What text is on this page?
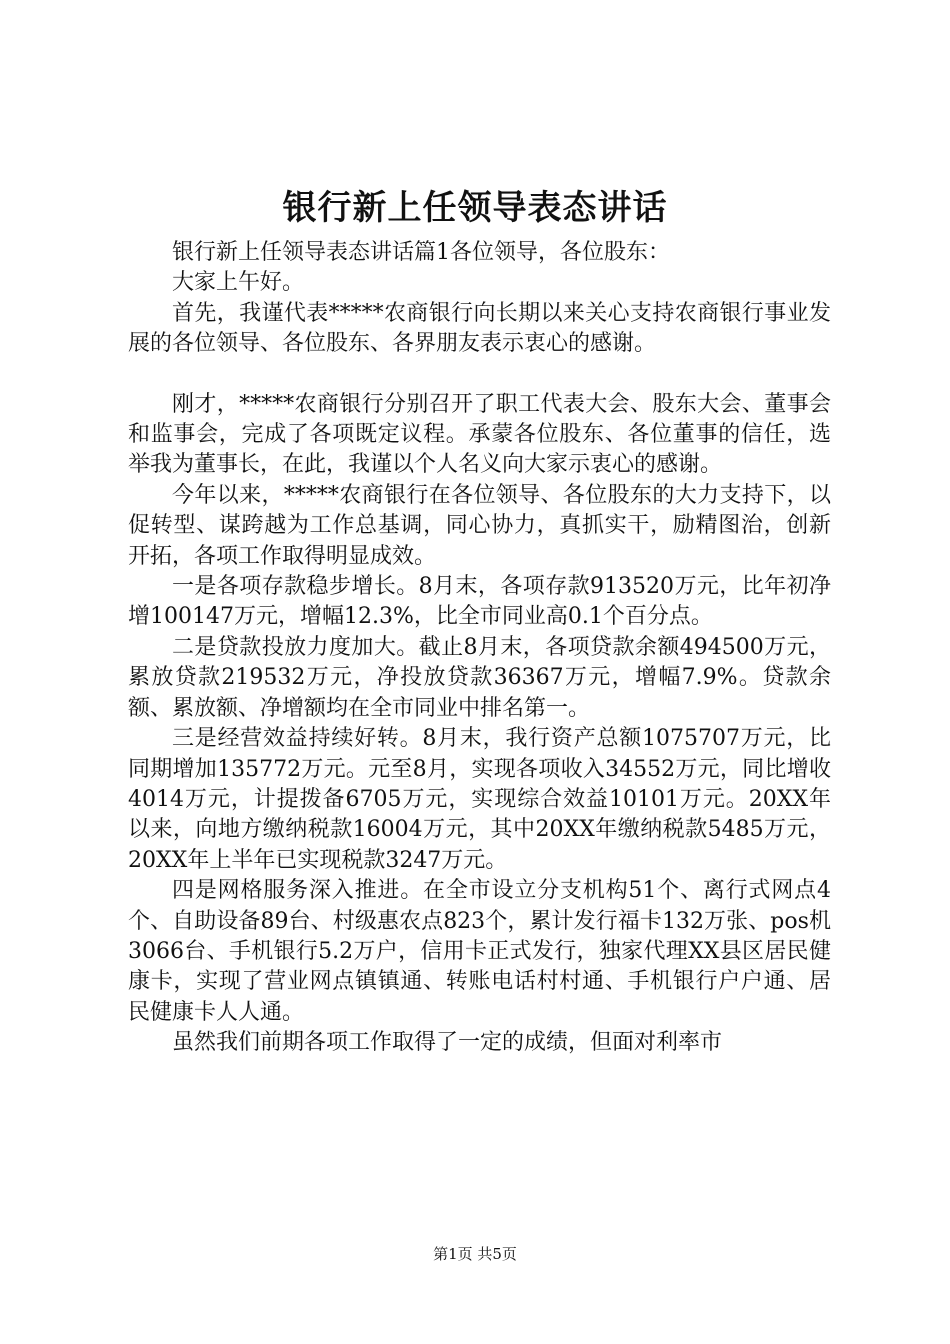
银行新上任领导表态讲话

银行新上任领导表态讲话篇1各位领导，各位股东：

大家上午好。

首先，我谨代表*****农商银行向长期以来关心支持农商银行事业发展的各位领导、各位股东、各界朋友表示衷心的感谢。

刚才，*****农商银行分别召开了职工代表大会、股东大会、董事会和监事会，完成了各项既定议程。承蒙各位股东、各位董事的信任，选举我为董事长，在此，我谨以个人名义向大家示衷心的感谢。

今年以来，*****农商银行在各位领导、各位股东的大力支持下，以促转型、谋跨越为工作总基调，同心协力，真抓实干，励精图治，创新开拓，各项工作取得明显成效。

一是各项存款稳步增长。8月末，各项存款913520万元，比年初净增100147万元，增幅12.3%，比全市同业高0.1个百分点。

二是贷款投放力度加大。截止8月末，各项贷款余额494500万元，累放贷款219532万元，净投放贷款36367万元，增幅7.9%。贷款余额、累放额、净增额均在全市同业中排名第一。

三是经营效益持续好转。8月末，我行资产总额1075707万元，比同期增加135772万元。元至8月，实现各项收入34552万元，同比增收4014万元，计提拨备6705万元，实现综合效益10101万元。20XX年以来，向地方缴纳税款16004万元，其中20XX年缴纳税款5485万元，20XX年上半年已实现税款3247万元。

四是网格服务深入推进。在全市设立分支机构51个、离行式网点4个、自助设备89台、村级惠农点823个，累计发行福卡132万张、pos机3066台、手机银行5.2万户，信用卡正式发行，独家代理XX县区居民健康卡，实现了营业网点镇镇通、转账电话村村通、手机银行户户通、居民健康卡人人通。

虽然我们前期各项工作取得了一定的成绩，但面对利率市

第1页 共5页
